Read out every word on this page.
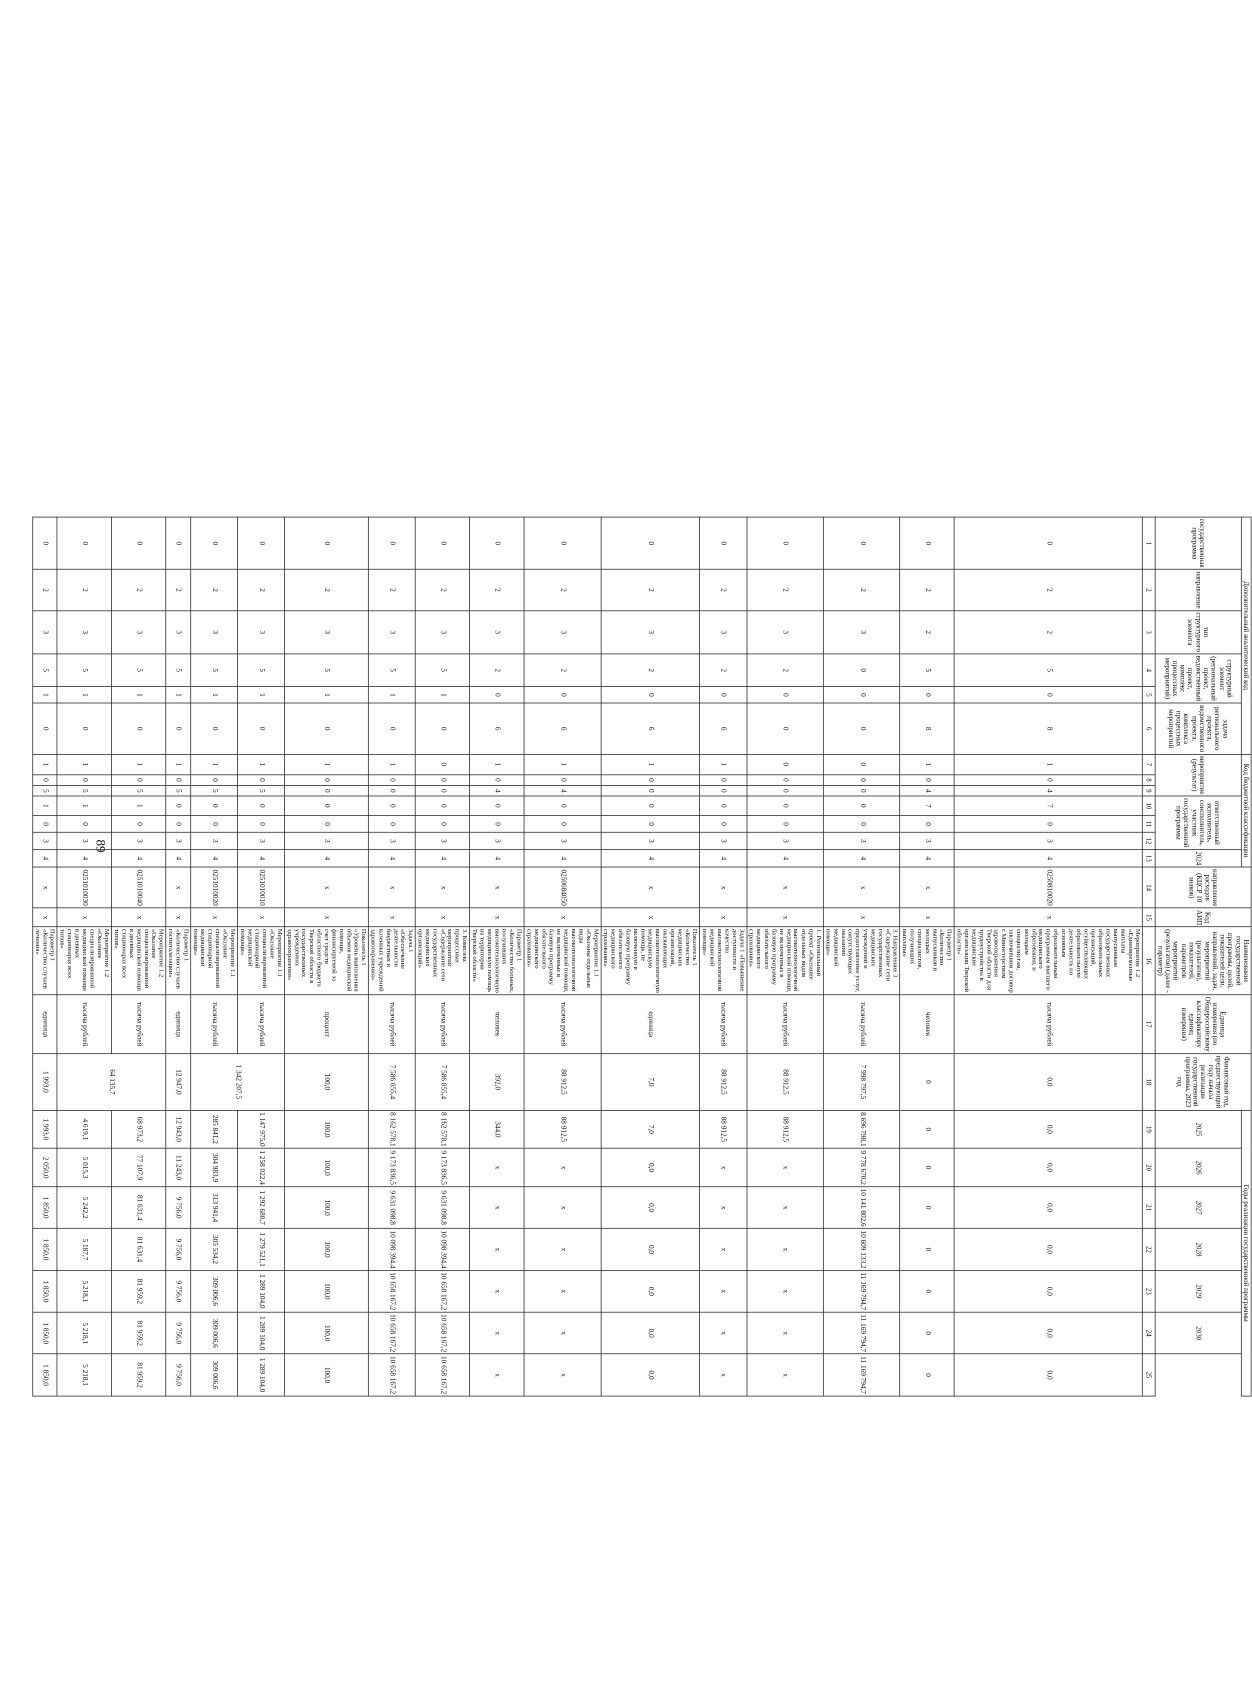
89
Дополнительный аналитический код						Код бюджетной классификации							направление расходов (КЦСР 10 знаков)	Код АИП	Наименование государственной программы, целей, показателей цели, направлений, задач, мероприятий (результатов), показателей, параметров мероприятий (результатов) (далее - параметр)	Единица измерения (по Общероссийскому классификатору единиц измерения)	Финансовый год, предшествующий году начала реализации государственной программы, 2023 год	Годы реализации государственной программы						
государственная программа	направление	тип структурного элемента	структурный элемент (региональный проект, ведомственный проект, комплекс процессных мероприятий)		задача регионального проекта, ведомственного проекта, комплекса процессных мероприятий	мероприятие (результат)			ответственный исполнитель, соисполнитель, участник государственной программы			2024						2025	2026	2027	2028	2029	2030	

1	2	3	4	5	6	7	8	9	10	11	12	13	14	15	16	17	18	19	20	21	22	23	24	25
0	2	2	5	0	8	1	0	4	7	0	3	4	0250810020	x	Мероприятие 1.2 «Единовременные выплаты выпускникам государственных образовательных организаций, осуществляющих образовательную деятельность по основным образовательным программам высшего медицинского образования, и молодым специалистам, заключившим договор с Министерством здравоохранения Тверской области для трудоустройства в медицинские организации Тверской области»	тысяча рублей	0,0	0,0	0,0	0,0	0,0	0,0	0,0	0,0
0	2	2	5	0	8	1	0	4	7	0	3	4	x	x	Параметр 1 «Количество выпускников и молодых специалистов, получивших выплаты»	человек	0	0	0	0	0	0	0	0
0	2	3	0	0	0	0	0	0	0	0	3	4	x	x	3. Направление 3 «Содержание сети государственных медицинских учреждений и предоставление услуг, сопутствующих оказанию медицинской помощи»	тысяча рублей	7 998 797,5	8 696 798,1	9 778 670,2	10 141 802,6	10 609 133,2	11 169 794,7	11 169 794,7	11 169 794,7
0	2	3	2	0	0	0	0	0	0	0	3	4	x	x	1. Региональный проект «Оказание отдельных видов высокотехнологичной медицинской помощи, не включенных в базовую программу обязательного медицинского страхования»	тысяча рублей	88 912,5	88 912,5	x	x	x	x	x	x
0	2	3	2	0	6	1	0	0	0	0	3	4	x	x	Задача 1 «Повышение доступности и качества высокотехнологичной медицинской помощи»	тысяча рублей	88 912,5	88 912,5	x	x	x	x	x	x
0	2	3	2	0	6	1	0	0	0	0	3	4	x	x	Показатель 1 «Количество медицинских организаций, оказывающих высокотехнологичную медицинскую помощь, не включенную в базовую программу обязательного медицинского страхования»	единица	7,0	7,0	0,0	0,0	0,0	0,0	0,0	0,0
0	2	3	2	0	6	1	0	4	0	0	3	4	0250684050	x	Мероприятие 1.1 «Оказаны отдельные виды высокотехнологичной медицинской помощи, не включенные в базовую программу обязательного медицинского страхования»	тысяча рублей	88 912,5	88 912,5	x	x	x	x	x	x
0	2	3	2	0	6	1	0	4	0	0	3	4	x	x	Параметр 1 «Количество больных, получивших высокотехнологичную медицинскую помощь на территории Тверской области»	человек	392,0	344,0	x	x	x	x	x	x
0	2	3	5	1	0	0	0	0	0	0	3	4	x	x	3. Комплекс процессных мероприятий «Содержание сети государственных медицинских организаций»	тысяча рублей	7 586 055,4	8 162 578,1	9 173 836,5	9 631 098,8	10 098 394,4	10 658 167,2	10 658 167,2	10 658 167,2
0	2	3	5	1	0	1	0	0	0	0	3	4	x	x	Задача 1 «Обеспечение деятельности бюджетных и казенных учреждений здравоохранения»	тысяча рублей	7 586 055,4	8 162 578,1	9 173 836,5	9 631 098,8	10 098 394,4	10 658 167,2	10 658 167,2	10 658 167,2
0	2	3	5	1	0	1	0	0	0	0	3	4	x	x	Показатель 1 «Уровень выполнения объемов медицинской помощи, финансируемой за счет средств областного бюджета Тверской области в государственных учреждениях здравоохранения»	процент	100,0	100,0	100,0	100,0	100,0	100,0	100,0	100,0
0	2	3	5	1	0	1	0	5	0	0	3	4	0251010010	x	Мероприятие 1.1 «Оказание специализированной стационарной медицинской помощи»	тысяча рублей	1 342 207,5	1 147 975,0	1 258 022,4	1 292 680,7	1 279 521,1	1 289 104,0	1 289 104,0	1 289 104,0
0	2	3	5	1	0	1	0	5	0	0	3	4	0251010020	x	Мероприятие 1.1 «Оказание специализированной стационарной медицинской помощи»	тысяча рублей		285 841,2	304 983,9	313 941,4	305 534,2	309 006,6	309 006,6	309 006,6
0	2	3	5	1	0	1	0	5	0	0	3	4	x	x	Параметр 1 «Количество случаев госпитализации»	единица	12 947,0	12 943,0	11 243,0	9 756,0	9 756,0	9 756,0	9 756,0	9 756,0
0	2	3	5	1	0	1	0	5	1	0	3	4	0251010040	x	Мероприятие 1.2 «Оказание специализированной медицинской помощи в дневных стационарах всех типов»	тысяча рублей	64 135,7	68 973,2	77 107,9	81 631,4	81 631,4	81 959,2	81 959,2	81 959,2
0	2	3	5	1	0	1	0	5	1	0	3	4	0251010030	x	Мероприятие 1.2 «Оказание специализированной медицинской помощи в дневных стационарах всех типов»	тысяча рублей		4 619,1	5 015,3	5 242,2	5 187,7	5 218,1	5 218,1	5 218,1
0	2	3	5	1	0	1	0	5	1	0	3	4	x	x	Параметр 1 «Количество случаев лечения»	единица	1 993,0	1 993,0	2 050,0	1 850,0	1 850,0	1 850,0	1 850,0	1 850,0
